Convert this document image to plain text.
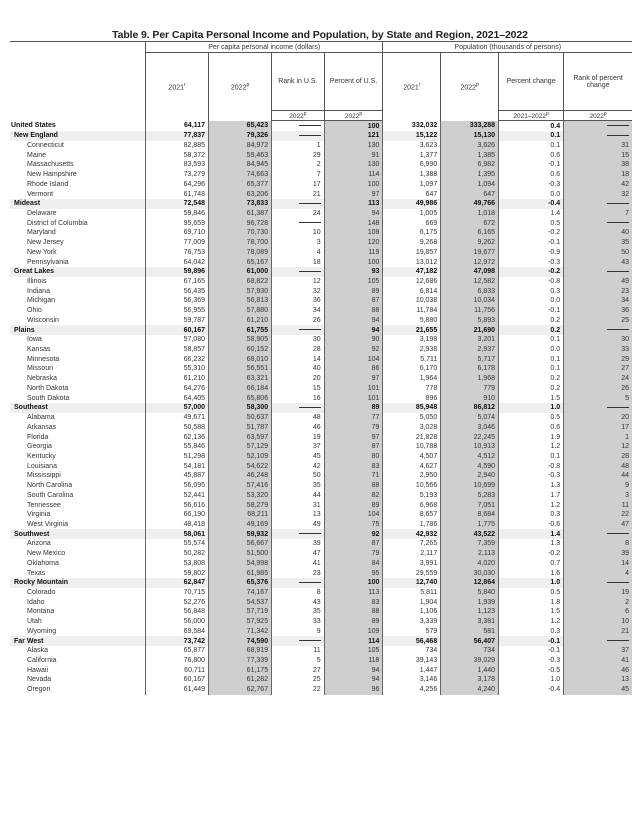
Table 9. Per Capita Personal Income and Population, by State and Region, 2021–2022
	Per capita personal income (dollars)				Population (thousands of persons)			
	2021$^r$	2022$^p$	Rank in U.S.	Percent of U.S.	2021$^r$	2022$^p$	Percent change	Rank of percent change
			2022$^p$	2022$^p$			2021–2022$^p$	2022$^p$
United States	64,117	65,423		100	332,032	333,288	0.4	
New England	77,837	79,326		121	15,122	15,130	0.1	
Connecticut	82,885	84,972	1	130	3,623	3,626	0.1	31
Maine	58,372	59,463	29	91	1,377	1,385	0.6	15
Massachusetts	83,593	84,945	2	130	6,990	6,982	-0.1	38
New Hampshire	73,279	74,663	7	114	1,388	1,395	0.6	18
Rhode Island	64,296	65,377	17	100	1,097	1,094	-0.3	42
Vermont	61,748	63,206	21	97	647	647	0.0	32
Mideast	72,548	73,833		113	49,986	49,766	-0.4	
Delaware	59,846	61,387	24	94	1,005	1,018	1.4	7
District of Columbia	95,659	96,728		148	669	672	0.5	
Maryland	69,710	70,730	10	108	6,175	6,165	-0.2	40
New Jersey	77,009	78,700	3	120	9,268	9,262	-0.1	35
New York	76,753	78,089	4	119	19,857	19,677	-0.9	50
Pennsylvania	64,042	65,167	18	100	13,012	12,972	-0.3	43
Great Lakes	59,896	61,000		93	47,182	47,098	-0.2	
Illinois	67,165	68,822	12	105	12,686	12,582	-0.8	49
Indiana	56,435	57,930	32	89	6,814	6,833	0.3	23
Michigan	56,369	56,813	36	87	10,038	10,034	0.0	34
Ohio	56,955	57,880	34	88	11,784	11,756	-0.1	36
Wisconsin	59,787	61,210	26	94	5,880	5,893	0.2	25
Plains	60,167	61,755		94	21,655	21,690	0.2	
Iowa	57,080	58,905	30	90	3,198	3,201	0.1	30
Kansas	58,857	60,152	28	92	2,938	2,937	0.0	33
Minnesota	66,232	68,010	14	104	5,711	5,717	0.1	29
Missouri	55,310	56,551	40	86	6,170	6,178	0.1	27
Nebraska	61,210	63,321	20	97	1,964	1,968	0.2	24
North Dakota	64,276	66,184	15	101	778	779	0.2	26
South Dakota	64,405	65,806	16	101	896	910	1.5	5
Southeast	57,000	58,300		89	85,948	86,812	1.0	
Alabama	49,671	50,637	48	77	5,050	5,074	0.5	20
Arkansas	50,588	51,787	46	79	3,028	3,046	0.6	17
Florida	62,136	63,597	19	97	21,828	22,245	1.9	1
Georgia	55,846	57,129	37	87	10,788	10,913	1.2	12
Kentucky	51,298	52,109	45	80	4,507	4,512	0.1	28
Louisiana	54,181	54,622	42	83	4,627	4,590	-0.8	48
Mississippi	45,887	46,248	50	71	2,950	2,940	-0.3	44
North Carolina	56,095	57,416	35	88	10,566	10,699	1.3	9
South Carolina	52,441	53,320	44	82	5,193	5,283	1.7	3
Tennessee	56,616	58,279	31	89	6,968	7,051	1.2	11
Virginia	66,190	68,211	13	104	8,657	8,684	0.3	22
West Virginia	48,418	49,169	49	75	1,786	1,775	-0.6	47
Southwest	58,061	59,932		92	42,932	43,522	1.4	
Arizona	55,574	56,667	39	87	7,265	7,359	1.3	8
New Mexico	50,282	51,500	47	79	2,117	2,113	-0.2	39
Oklahoma	53,808	54,998	41	84	3,991	4,020	0.7	14
Texas	59,802	61,985	23	95	29,559	30,030	1.6	4
Rocky Mountain	62,847	65,376		100	12,740	12,864	1.0	
Colorado	70,715	74,167	8	113	5,811	5,840	0.5	19
Idaho	52,276	54,537	43	83	1,904	1,939	1.8	2
Montana	56,848	57,719	35	88	1,106	1,123	1.5	6
Utah	56,000	57,925	33	89	3,339	3,381	1.2	10
Wyoming	69,584	71,342	9	109	579	581	0.3	21
Far West	73,742	74,590		114	56,468	56,407	-0.1	
Alaska	65,877	68,919	11	105	734	734	-0.1	37
California	76,800	77,339	5	118	39,143	39,029	-0.3	41
Hawaii	60,711	61,175	27	94	1,447	1,440	-0.5	46
Nevada	60,167	61,282	25	94	3,146	3,178	1.0	13
Oregon	61,449	62,767	22	96	4,256	4,240	-0.4	45
